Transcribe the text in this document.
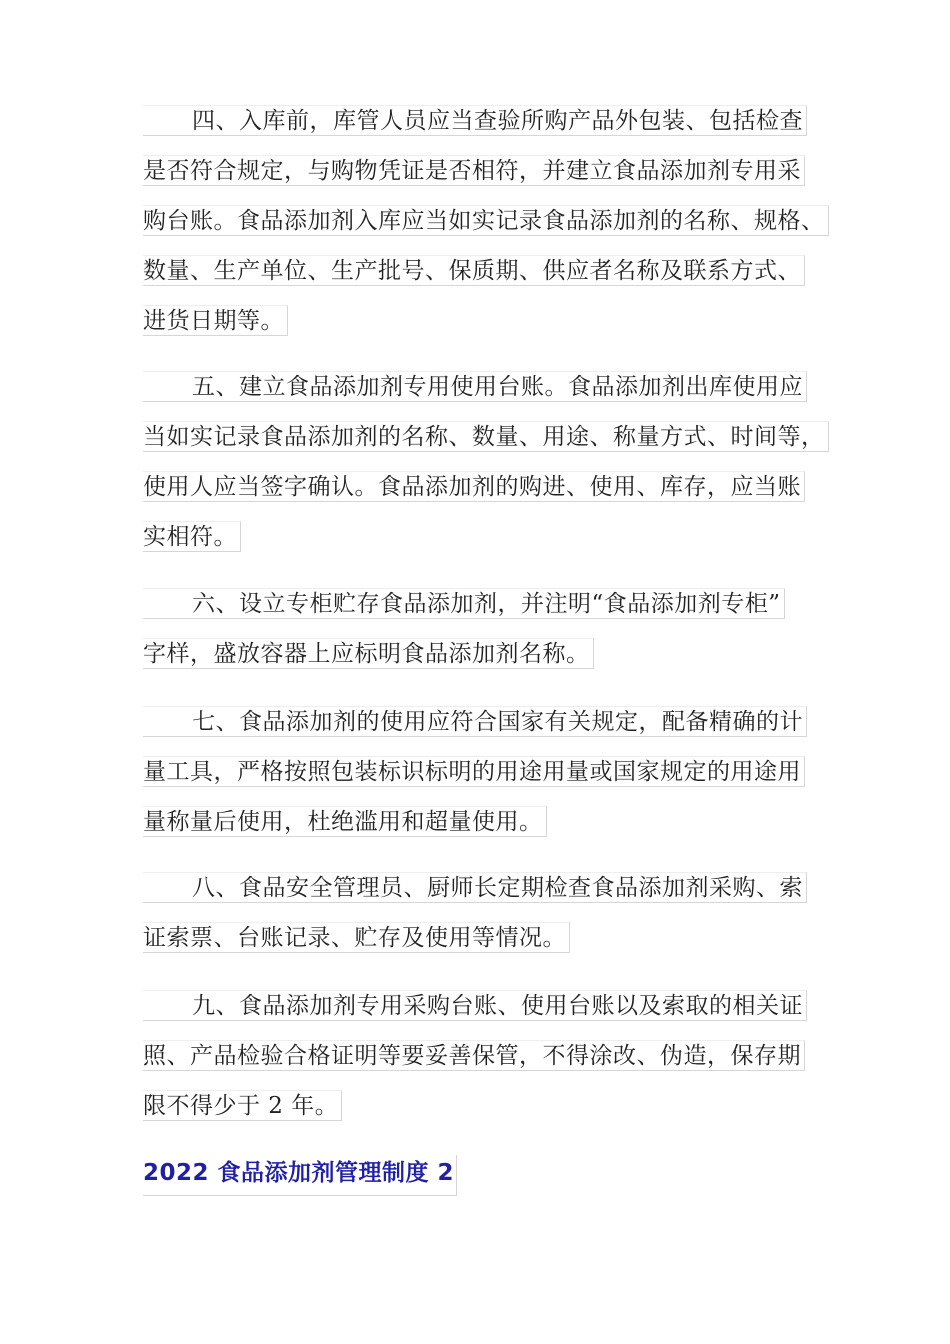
四、入库前，库管人员应当查验所购产品外包装、包括检查
是否符合规定，与购物凭证是否相符，并建立食品添加剂专用采
购台账。食品添加剂入库应当如实记录食品添加剂的名称、规格、
数量、生产单位、生产批号、保质期、供应者名称及联系方式、
进货日期等。
五、建立食品添加剂专用使用台账。食品添加剂出库使用应
当如实记录食品添加剂的名称、数量、用途、称量方式、时间等，
使用人应当签字确认。食品添加剂的购进、使用、库存，应当账
实相符。
六、设立专柜贮存食品添加剂，并注明“食品添加剂专柜”
字样，盛放容器上应标明食品添加剂名称。
七、食品添加剂的使用应符合国家有关规定，配备精确的计
量工具，严格按照包装标识标明的用途用量或国家规定的用途用
量称量后使用，杜绝滥用和超量使用。
八、食品安全管理员、厨师长定期检查食品添加剂采购、索
证索票、台账记录、贮存及使用等情况。
九、食品添加剂专用采购台账、使用台账以及索取的相关证
照、产品检验合格证明等要妥善保管，不得涂改、伪造，保存期
限不得少于 2 年。
2022 食品添加剂管理制度 2
